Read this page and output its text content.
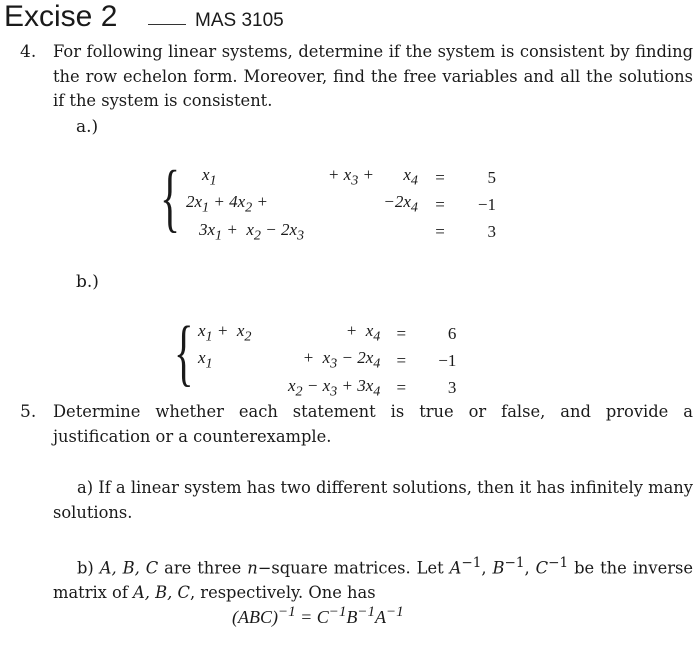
Excise 2	MAS 3105
4. For following linear systems, determine if the system is consistent by finding the row echelon form. Moreover, find the free variables and all the solutions if the system is consistent.
a.)
{ $x_1$	+ $x_3$ +	$x_4$	=	5
$2x_1 + 4x_2$ +		$-2x_4$	=	−1
$3x_1 + x_2 - 2x_3$			=	3
b.)
{ $x_1 + x_2$	+  $x_4$	=	6
$x_1$	+  $x_3 - 2x_4$	=	−1
	$x_2 - x_3 + 3x_4$	=	3
5. Determine whether each statement is true or false, and provide a justification or a counterexample.
a) If a linear system has two different solutions, then it has infinitely many solutions.
b) A, B, C are three n−square matrices. Let $A^{-1}$, $B^{-1}$, $C^{-1}$ be the inverse matrix of A, B, C, respectively. One has
$(ABC)^{-1} = C^{-1}B^{-1}A^{-1}$
